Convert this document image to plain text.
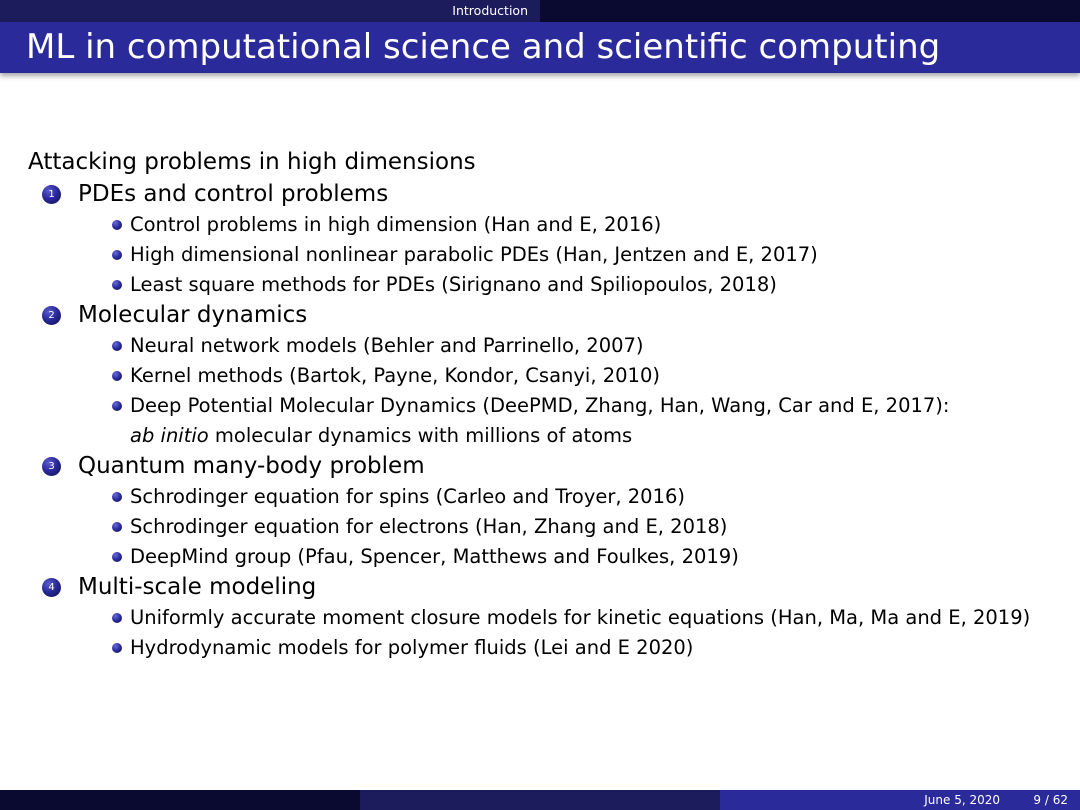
Introduction
ML in computational science and scientific computing
Attacking problems in high dimensions
1 PDEs and control problems
Control problems in high dimension (Han and E, 2016)
High dimensional nonlinear parabolic PDEs (Han, Jentzen and E, 2017)
Least square methods for PDEs (Sirignano and Spiliopoulos, 2018)
2 Molecular dynamics
Neural network models (Behler and Parrinello, 2007)
Kernel methods (Bartok, Payne, Kondor, Csanyi, 2010)
Deep Potential Molecular Dynamics (DeePMD, Zhang, Han, Wang, Car and E, 2017):
ab initio molecular dynamics with millions of atoms
3 Quantum many-body problem
Schrodinger equation for spins (Carleo and Troyer, 2016)
Schrodinger equation for electrons (Han, Zhang and E, 2018)
DeepMind group (Pfau, Spencer, Matthews and Foulkes, 2019)
4 Multi-scale modeling
Uniformly accurate moment closure models for kinetic equations (Han, Ma, Ma and E, 2019)
Hydrodynamic models for polymer fluids (Lei and E 2020)
June 5, 2020	9 / 62
